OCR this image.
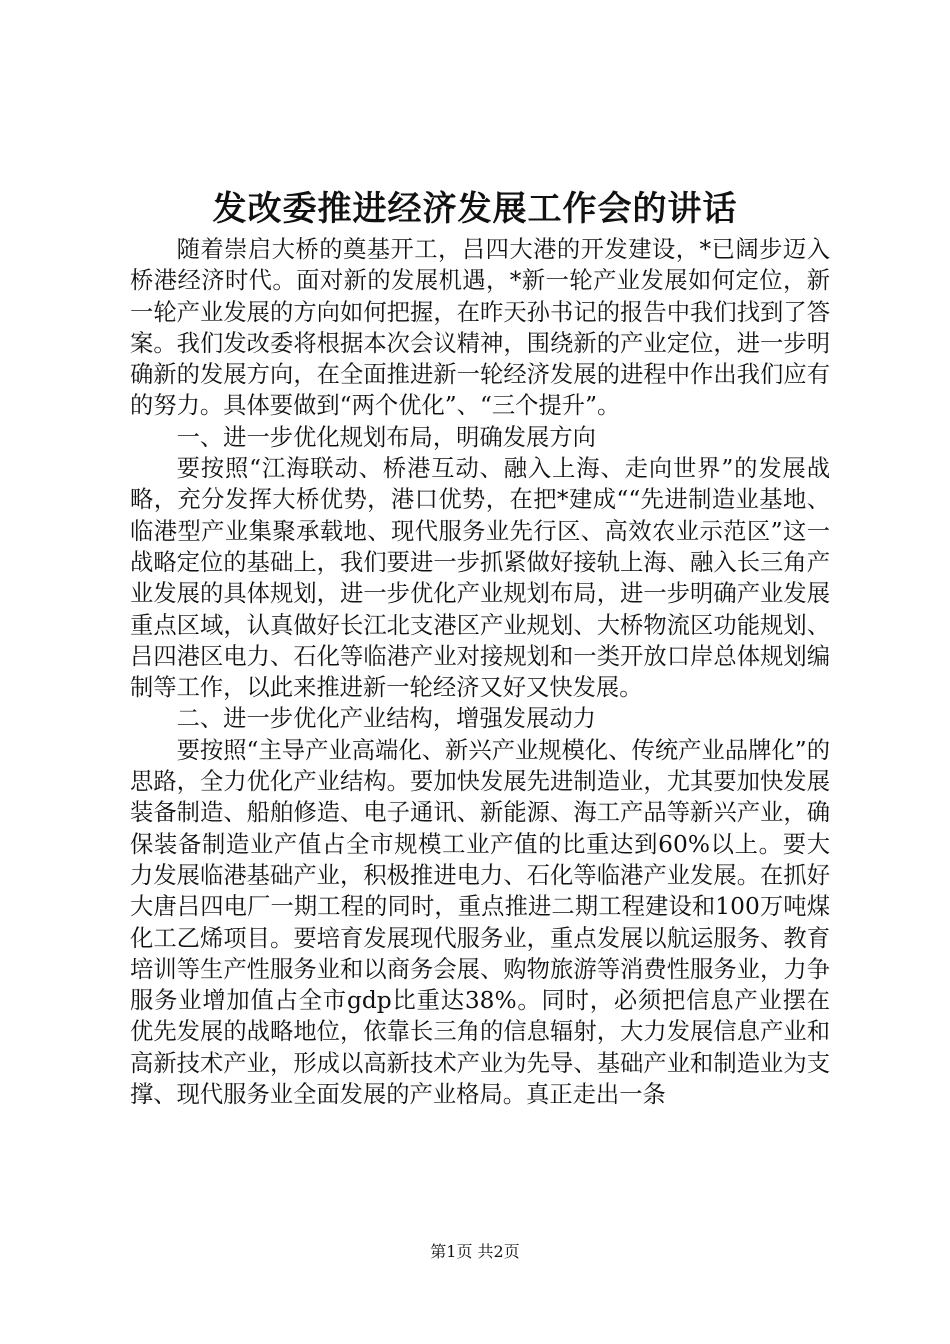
发改委推进经济发展工作会的讲话

随着崇启大桥的奠基开工，吕四大港的开发建设，*已阔步迈入桥港经济时代。面对新的发展机遇，*新一轮产业发展如何定位，新一轮产业发展的方向如何把握，在昨天孙书记的报告中我们找到了答案。我们发改委将根据本次会议精神，围绕新的产业定位，进一步明确新的发展方向，在全面推进新一轮经济发展的进程中作出我们应有的努力。具体要做到“两个优化”、“三个提升”。

一、进一步优化规划布局，明确发展方向

要按照“江海联动、桥港互动、融入上海、走向世界”的发展战略，充分发挥大桥优势，港口优势，在把*建成““先进制造业基地、临港型产业集聚承载地、现代服务业先行区、高效农业示范区”这一战略定位的基础上，我们要进一步抓紧做好接轨上海、融入长三角产业发展的具体规划，进一步优化产业规划布局，进一步明确产业发展重点区域，认真做好长江北支港区产业规划、大桥物流区功能规划、吕四港区电力、石化等临港产业对接规划和一类开放口岸总体规划编制等工作，以此来推进新一轮经济又好又快发展。

二、进一步优化产业结构，增强发展动力

要按照“主导产业高端化、新兴产业规模化、传统产业品牌化”的思路，全力优化产业结构。要加快发展先进制造业，尤其要加快发展装备制造、船舶修造、电子通讯、新能源、海工产品等新兴产业，确保装备制造业产值占全市规模工业产值的比重达到60%以上。要大力发展临港基础产业，积极推进电力、石化等临港产业发展。在抓好大唐吕四电厂一期工程的同时，重点推进二期工程建设和100万吨煤化工乙烯项目。要培育发展现代服务业，重点发展以航运服务、教育培训等生产性服务业和以商务会展、购物旅游等消费性服务业，力争服务业增加值占全市gdp比重达38%。同时，必须把信息产业摆在优先发展的战略地位，依靠长三角的信息辐射，大力发展信息产业和高新技术产业，形成以高新技术产业为先导、基础产业和制造业为支撑、现代服务业全面发展的产业格局。真正走出一条

第1页 共2页
